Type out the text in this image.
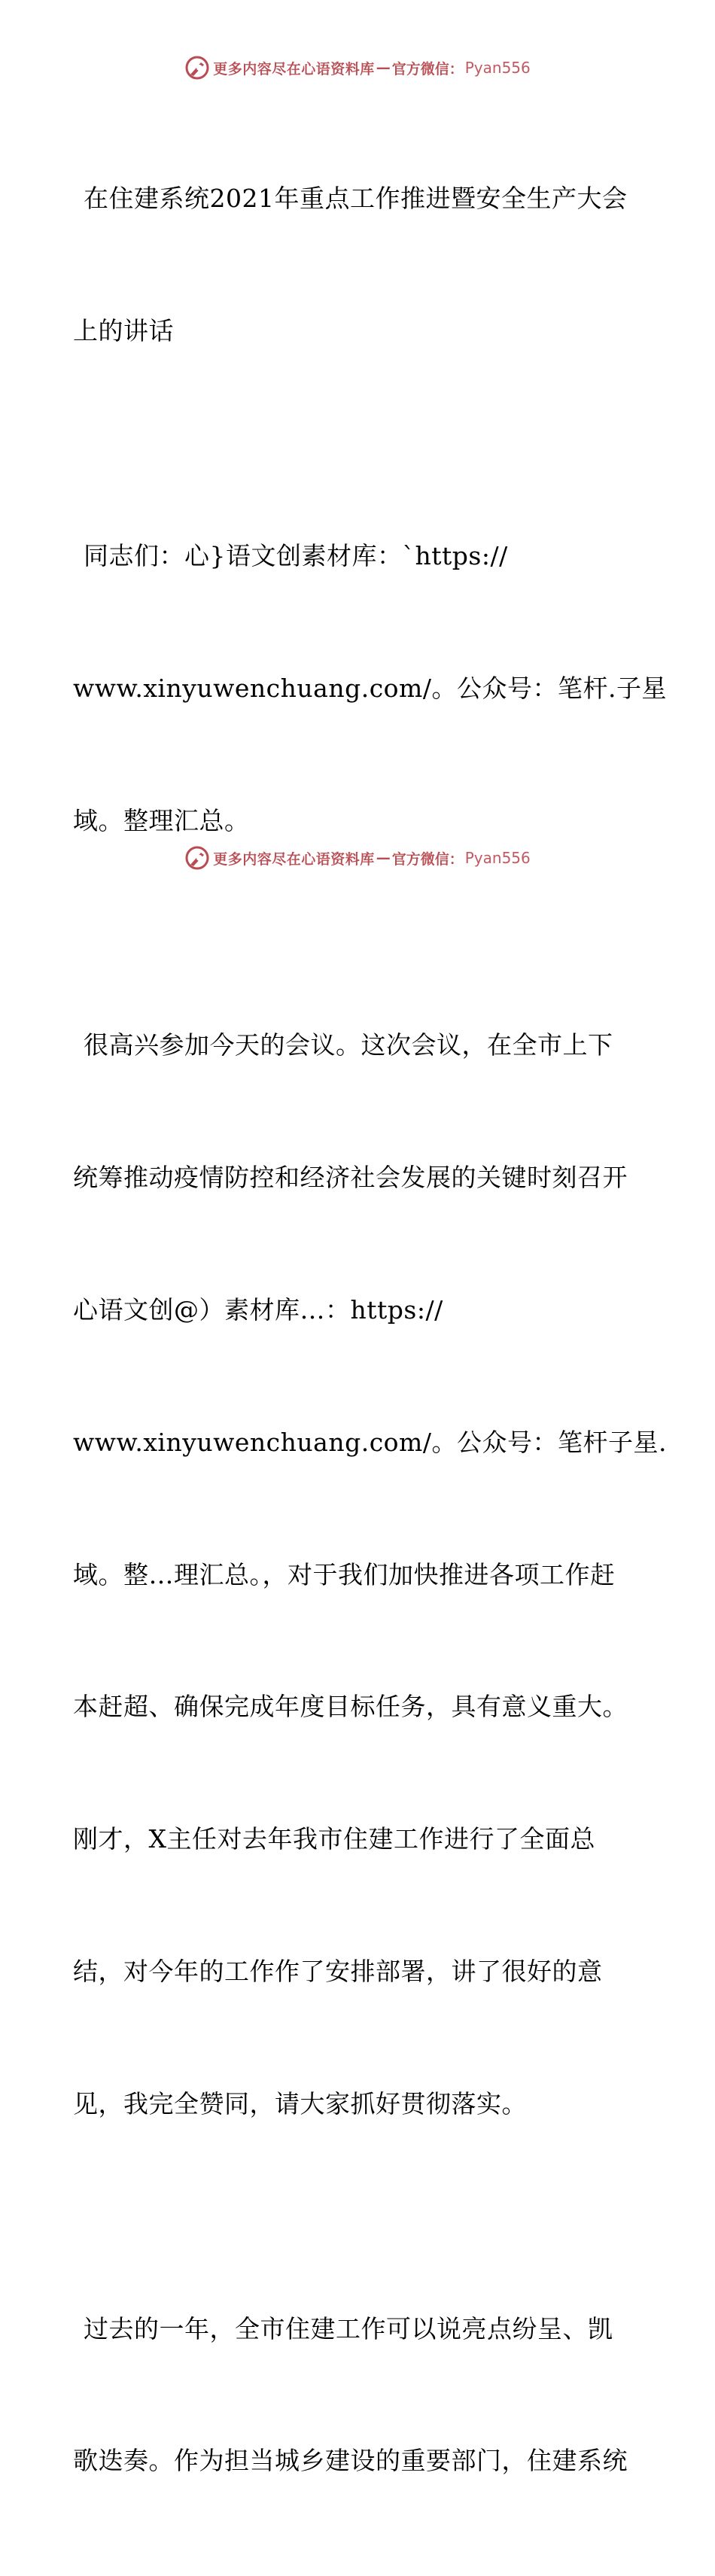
更多内容尽在心语资料库 — 官方微信： Pyan556

在住建系统2021年重点工作推进暨安全生产大会

上的讲话

同志们：心}语文创素材库：`https://

www.xinyuwenchuang.com/。公众号：笔杆.子星

域。整理汇总。

很高兴参加今天的会议。这次会议，在全市上下

统筹推动疫情防控和经济社会发展的关键时刻召开

心语文创@）素材库…：https://

www.xinyuwenchuang.com/。公众号：笔杆子星.

域。整…理汇总。，对于我们加快推进各项工作赶

本赶超、确保完成年度目标任务，具有意义重大。

刚才，X主任对去年我市住建工作进行了全面总

结，对今年的工作作了安排部署，讲了很好的意

见，我完全赞同，请大家抓好贯彻落实。

过去的一年，全市住建工作可以说亮点纷呈、凯

歌迭奏。作为担当城乡建设的重要部门，住建系统

更多内容尽在心语资料库 — 官方微信： Pyan556
